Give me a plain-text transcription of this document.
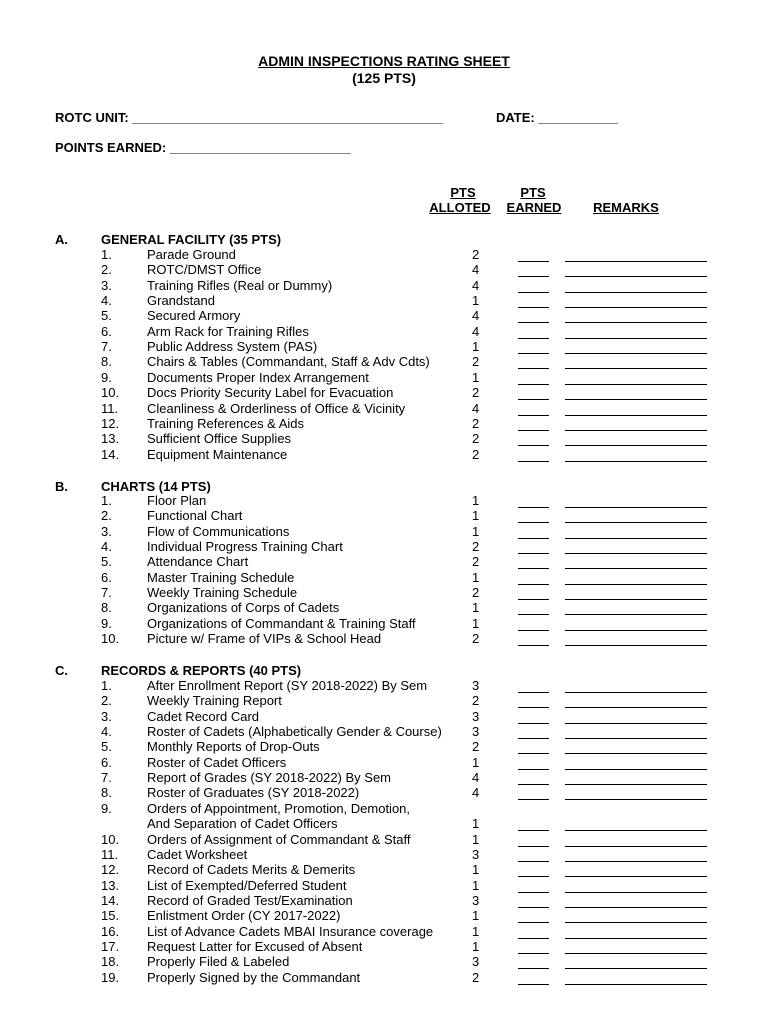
ADMIN INSPECTIONS RATING SHEET
(125 PTS)
ROTC UNIT: ___________________________________________	DATE: ___________
POINTS EARNED: _________________________
PTS
ALLOTED
PTS
EARNED	REMARKS
A.	GENERAL FACILITY (35 PTS)
1.	Parade Ground	2
2.	ROTC/DMST Office	4
3.	Training Rifles (Real or Dummy)	4
4.	Grandstand	1
5.	Secured Armory	4
6.	Arm Rack for Training Rifles	4
7.	Public Address System (PAS)	1
8.	Chairs & Tables (Commandant, Staff & Adv Cdts)	2
9.	Documents Proper Index Arrangement	1
10. Docs Priority Security Label for Evacuation	2
11. Cleanliness & Orderliness of Office & Vicinity	4
12. Training References & Aids	2
13. Sufficient Office Supplies	2
14. Equipment Maintenance	2
B.	CHARTS (14 PTS)
1.	Floor Plan	1
2.	Functional Chart	1
3.	Flow of Communications	1
4.	Individual Progress Training Chart	2
5.	Attendance Chart	2
6.	Master Training Schedule	1
7.	Weekly Training Schedule	2
8.	Organizations of Corps of Cadets	1
9.	Organizations of Commandant & Training Staff	1
10. Picture w/ Frame of VIPs & School Head	2
C.	RECORDS & REPORTS (40 PTS)
1.	After Enrollment Report (SY 2018-2022) By Sem	3
2.	Weekly Training Report	2
3.	Cadet Record Card	3
4.	Roster of Cadets (Alphabetically Gender & Course) 3
5.	Monthly Reports of Drop-Outs	2
6.	Roster of Cadet Officers	1
7.	Report of Grades (SY 2018-2022) By Sem	4
8.	Roster of Graduates (SY 2018-2022)	4
9.	Orders of Appointment, Promotion, Demotion,
And Separation of Cadet Officers	1
10. Orders of Assignment of Commandant & Staff	1
11. Cadet Worksheet	3
12. Record of Cadets Merits & Demerits	1
13. List of Exempted/Deferred Student	1
14. Record of Graded Test/Examination	3
15. Enlistment Order (CY 2017-2022)	1
16. List of Advance Cadets MBAI Insurance coverage	1
17. Request Latter for Excused of Absent	1
18. Properly Filed & Labeled	3
19. Properly Signed by the Commandant	2
